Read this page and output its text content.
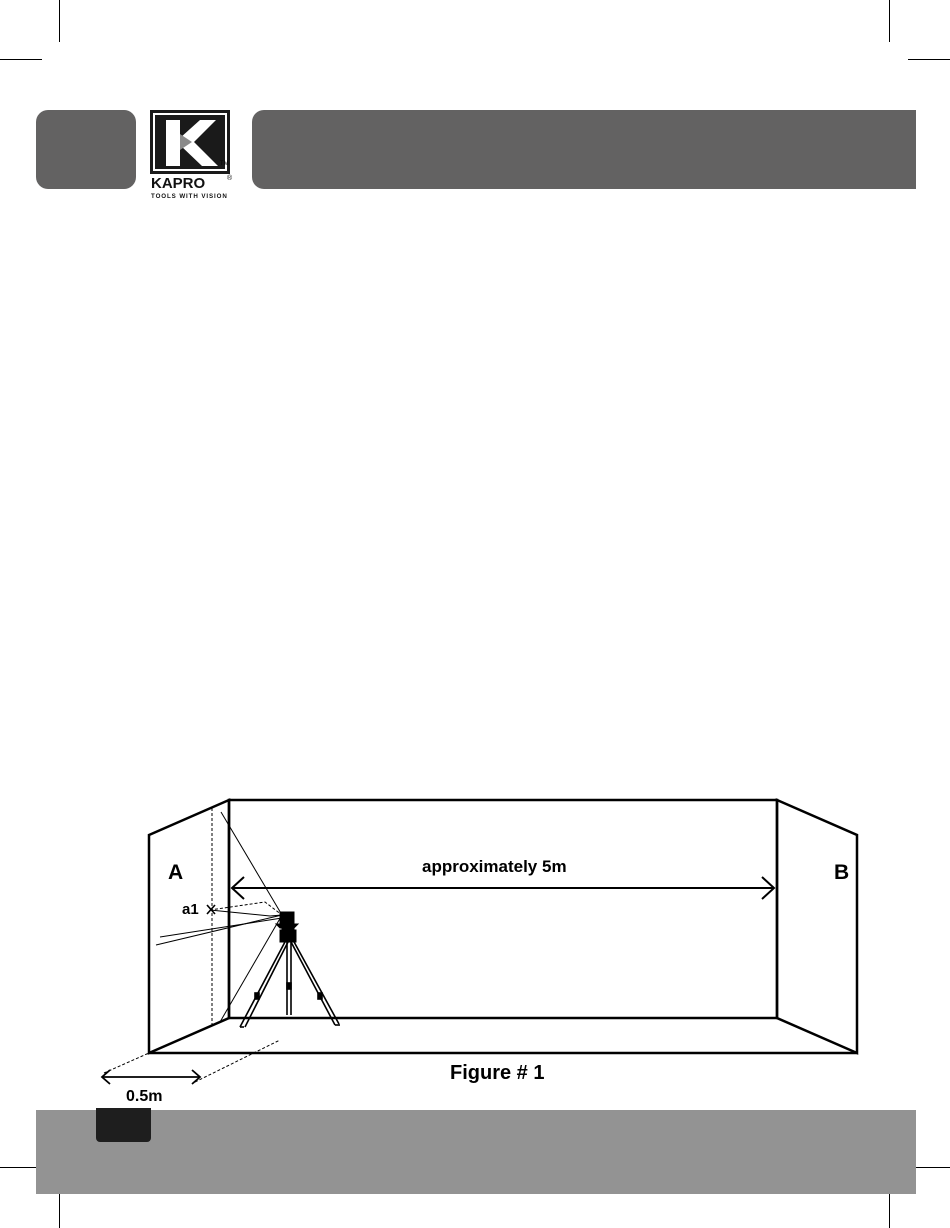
TM
KAPRO	®
TOOLS WITH VISION
A	B
approximately 5m
a1
0.5m
Figure # 1
